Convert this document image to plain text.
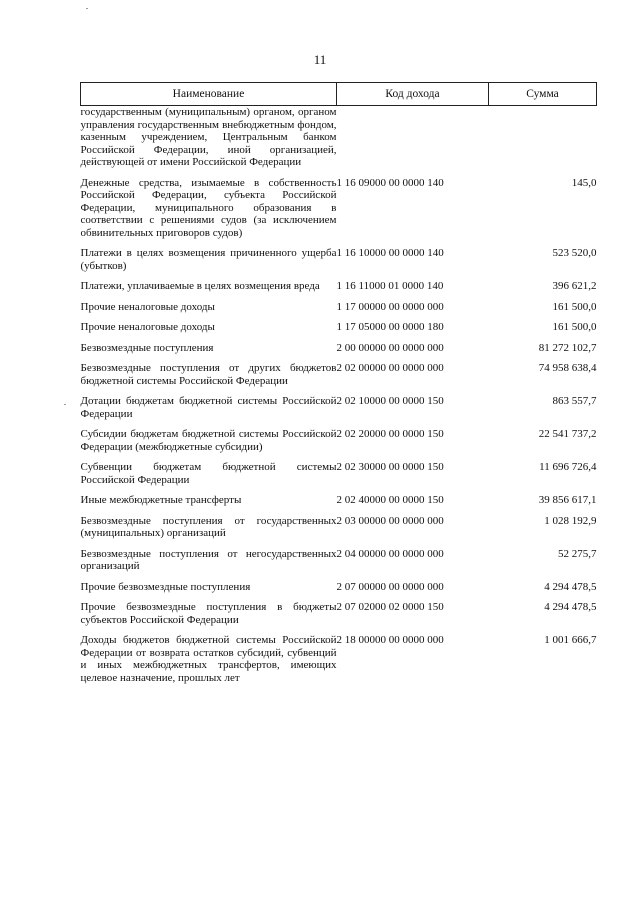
11
Наименование	Код дохода	Сумма
государственным (муниципальным) органом, органом управления государственным внебюджетным фондом, казенным учреждением, Центральным банком Российской Федерации, иной организацией, действующей от имени Российской Федерации		

Денежные средства, изымаемые в собственность Российской Федерации, субъекта Российской Федерации, муниципального образования в соответствии с решениями судов (за исключением обвинительных приговоров судов)	1 16 09000 00 0000 140	145,0

Платежи в целях возмещения причиненного ущерба (убытков)	1 16 10000 00 0000 140	523 520,0

Платежи, уплачиваемые в целях возмещения вреда	1 16 11000 01 0000 140	396 621,2

Прочие неналоговые доходы	1 17 00000 00 0000 000	161 500,0

Прочие неналоговые доходы	1 17 05000 00 0000 180	161 500,0

Безвозмездные поступления	2 00 00000 00 0000 000	81 272 102,7

Безвозмездные поступления от других бюджетов бюджетной системы Российской Федерации	2 02 00000 00 0000 000	74 958 638,4

Дотации бюджетам бюджетной системы Российской Федерации	2 02 10000 00 0000 150	863 557,7

Субсидии бюджетам бюджетной системы Российской Федерации (межбюджетные субсидии)	2 02 20000 00 0000 150	22 541 737,2

Субвенции бюджетам бюджетной системы Российской Федерации	2 02 30000 00 0000 150	11 696 726,4

Иные межбюджетные трансферты	2 02 40000 00 0000 150	39 856 617,1

Безвозмездные поступления от государственных (муниципальных) организаций	2 03 00000 00 0000 000	1 028 192,9

Безвозмездные поступления от негосударственных организаций	2 04 00000 00 0000 000	52 275,7

Прочие безвозмездные поступления	2 07 00000 00 0000 000	4 294 478,5

Прочие безвозмездные поступления в бюджеты субъектов Российской Федерации	2 07 02000 02 0000 150	4 294 478,5

Доходы бюджетов бюджетной системы Российской Федерации от возврата остатков субсидий, субвенций и иных межбюджетных трансфертов, имеющих целевое назначение, прошлых лет	2 18 00000 00 0000 000	1 001 666,7
